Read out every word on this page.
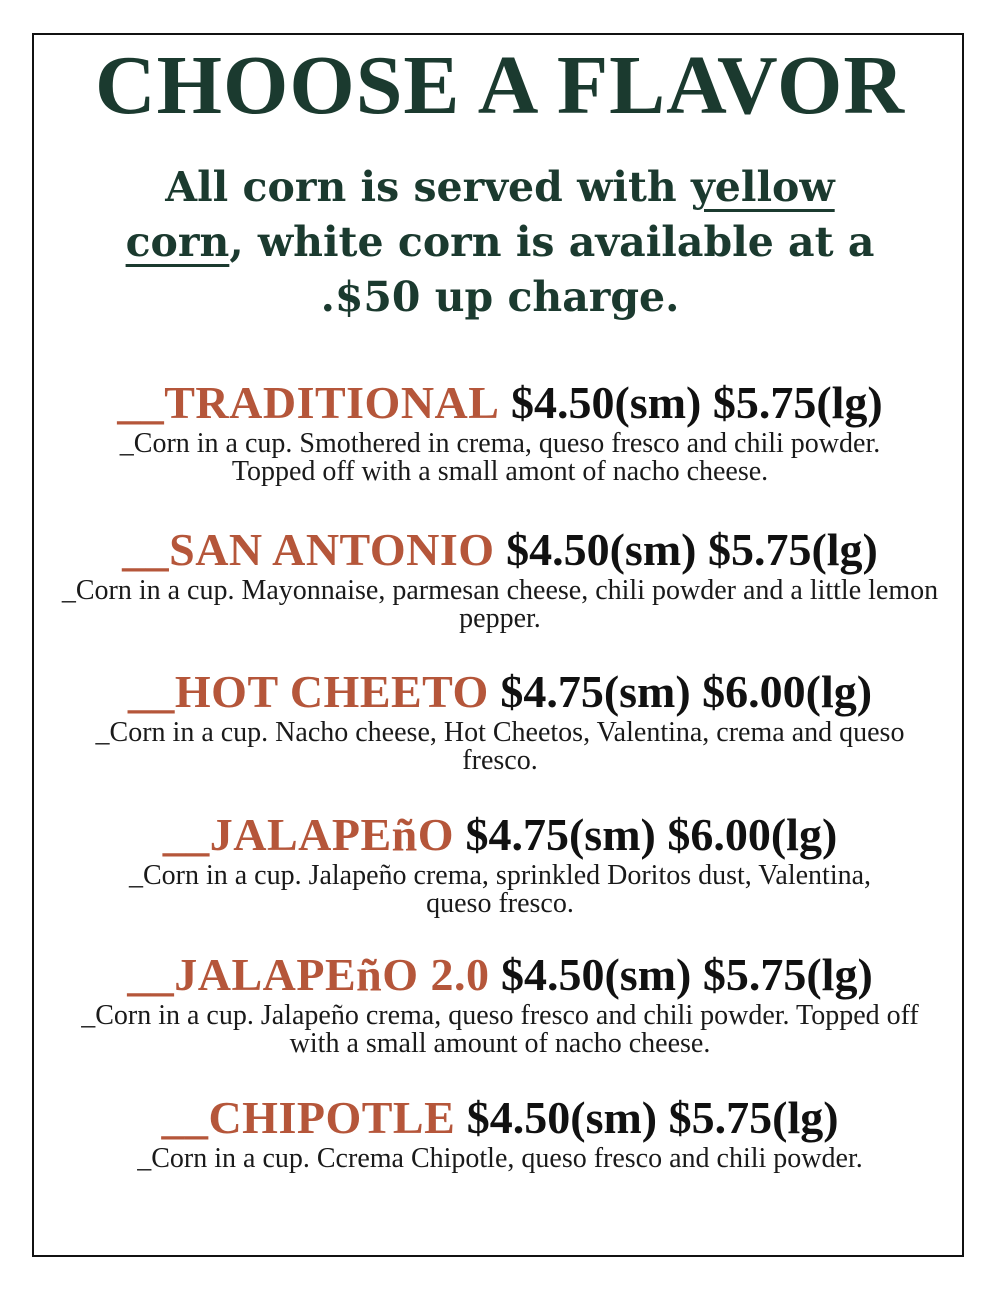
CHOOSE A FLAVOR
All corn is served with yellow corn, white corn is available at a .$50 up charge.
__TRADITIONAL $4.50(sm) $5.75(lg)
_Corn in a cup. Smothered in crema, queso fresco and chili powder. Topped off with a small amont of nacho cheese.
__SAN ANTONIO $4.50(sm) $5.75(lg)
_Corn in a cup. Mayonnaise, parmesan cheese, chili powder and a little lemon pepper.
__HOT CHEETO $4.75(sm) $6.00(lg)
_Corn in a cup. Nacho cheese, Hot Cheetos, Valentina, crema and queso fresco.
__JALAPEñO $4.75(sm) $6.00(lg)
_Corn in a cup. Jalapeño crema, sprinkled Doritos dust, Valentina, queso fresco.
__JALAPEñO 2.0 $4.50(sm) $5.75(lg)
_Corn in a cup. Jalapeño crema, queso fresco and chili powder. Topped off with a small amount of nacho cheese.
__CHIPOTLE $4.50(sm) $5.75(lg)
_Corn in a cup. Ccrema Chipotle, queso fresco and chili powder.
